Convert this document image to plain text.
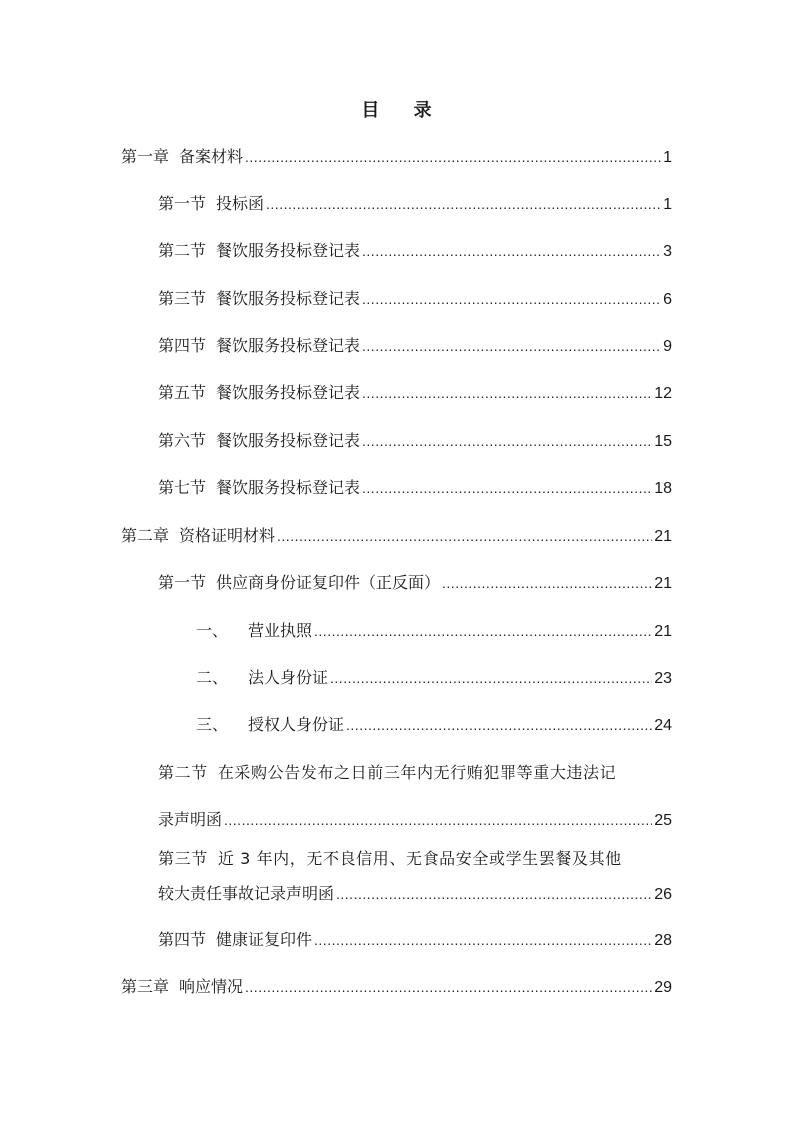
目 录
第一章 备案材料 .....	1
第一节 投标函 .....	1
第二节 餐饮服务投标登记表 .....	3
第三节 餐饮服务投标登记表 .....	6
第四节 餐饮服务投标登记表 .....	9
第五节 餐饮服务投标登记表 .....	12
第六节 餐饮服务投标登记表 .....	15
第七节 餐饮服务投标登记表 .....	18
第二章 资格证明材料 .....	21
第一节 供应商身份证复印件（正反面） .....	21
一、 营业执照 .....	21
二、 法人身份证 .....	23
三、 授权人身份证 .....	24
第二节 在采购公告发布之日前三年内无行贿犯罪等重大违法记
录声明函 .....	25
第三节 近 3 年内，无不良信用、无食品安全或学生罢餐及其他
较大责任事故记录声明函 .....	26
第四节 健康证复印件 .....	28
第三章 响应情况 .....	29
